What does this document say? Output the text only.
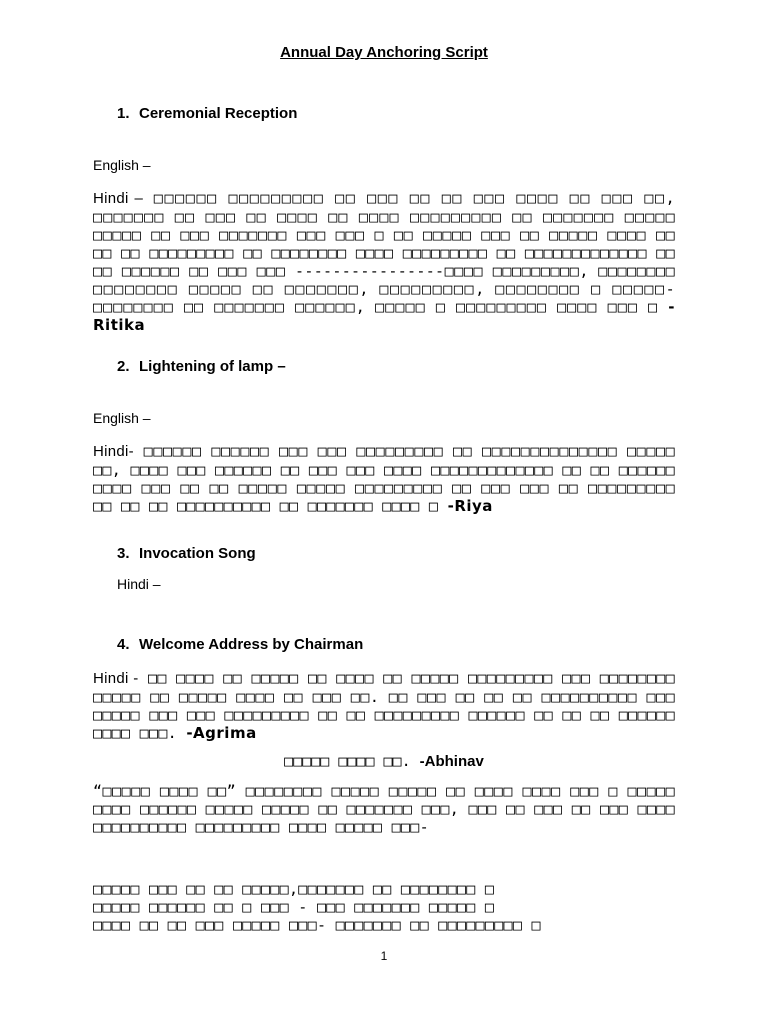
Annual Day Anchoring Script
1. Ceremonial Reception
English –
Hindi – □□□□□□ □□□□□□□□□ □□ □□□ □□ □□ □□□ □□□□ □□ □□□ □□, □□□□□□□ □□ □□□ □□ □□□□ □□ □□□□ □□□□□□□□□ □□ □□□□□□□ □□□□□ □□□□□ □□ □□□ □□□□□□□ □□□ □□□ □ □□ □□□□□ □□□ □□ □□□□□ □□□□ □□ □□ □□ □□□□□□□□□ □□ □□□□□□□□ □□□□ □□□□□□□□□ □□ □□□□□□□□□□□□□ □□ □□ □□□□□□ □□ □□□ □□□ ----------------□□□□ □□□□□□□□□, □□□□□□□□ □□□□□□□□ □□□□□ □□ □□□□□□□, □□□□□□□□□, □□□□□□□□ □ □□□□□- □□□□□□□□ □□ □□□□□□□ □□□□□□, □□□□□ □ □□□□□□□□□ □□□□ □□□ □ - Ritika
2. Lightening of lamp –
English –
Hindi- □□□□□□ □□□□□□ □□□ □□□ □□□□□□□□□ □□ □□□□□□□□□□□□□□ □□□□□ □□, □□□□ □□□ □□□□□□ □□ □□□ □□□ □□□□ □□□□□□□□□□□□□ □□ □□ □□□□□□ □□□□ □□□ □□ □□ □□□□□ □□□□□ □□□□□□□□□ □□ □□□ □□□ □□ □□□□□□□□□ □□ □□ □□ □□□□□□□□□□ □□ □□□□□□□ □□□□ □ -Riya
3. Invocation Song
Hindi –
4. Welcome Address by Chairman
Hindi - □□ □□□□ □□ □□□□□ □□ □□□□ □□ □□□□□ □□□□□□□□□ □□□ □□□□□□□□ □□□□□ □□ □□□□□ □□□□ □□ □□□ □□. □□ □□□ □□ □□ □□ □□□□□□□□□□ □□□ □□□□□ □□□ □□□ □□□□□□□□□ □□ □□ □□□□□□□□□ □□□□□□ □□ □□ □□ □□□□□□ □□□□ □□□. -Agrima
□□□□□ □□□□ □□. -Abhinav
“□□□□□ □□□□ □□” □□□□□□□□ □□□□□ □□□□□ □□ □□□□ □□□□ □□□ □ □□□□□ □□□□ □□□□□□ □□□□□ □□□□□ □□ □□□□□□□ □□□, □□□ □□ □□□ □□ □□□ □□□□ □□□□□□□□□□ □□□□□□□□□ □□□□ □□□□□ □□□-
□□□□□ □□□ □□ □□ □□□□□,□□□□□□□ □□ □□□□□□□□ □
□□□□□ □□□□□□ □□ □ □□□ - □□□ □□□□□□□ □□□□□ □
□□□□ □□ □□ □□□ □□□□□ □□□- □□□□□□□ □□ □□□□□□□□□ □
1
